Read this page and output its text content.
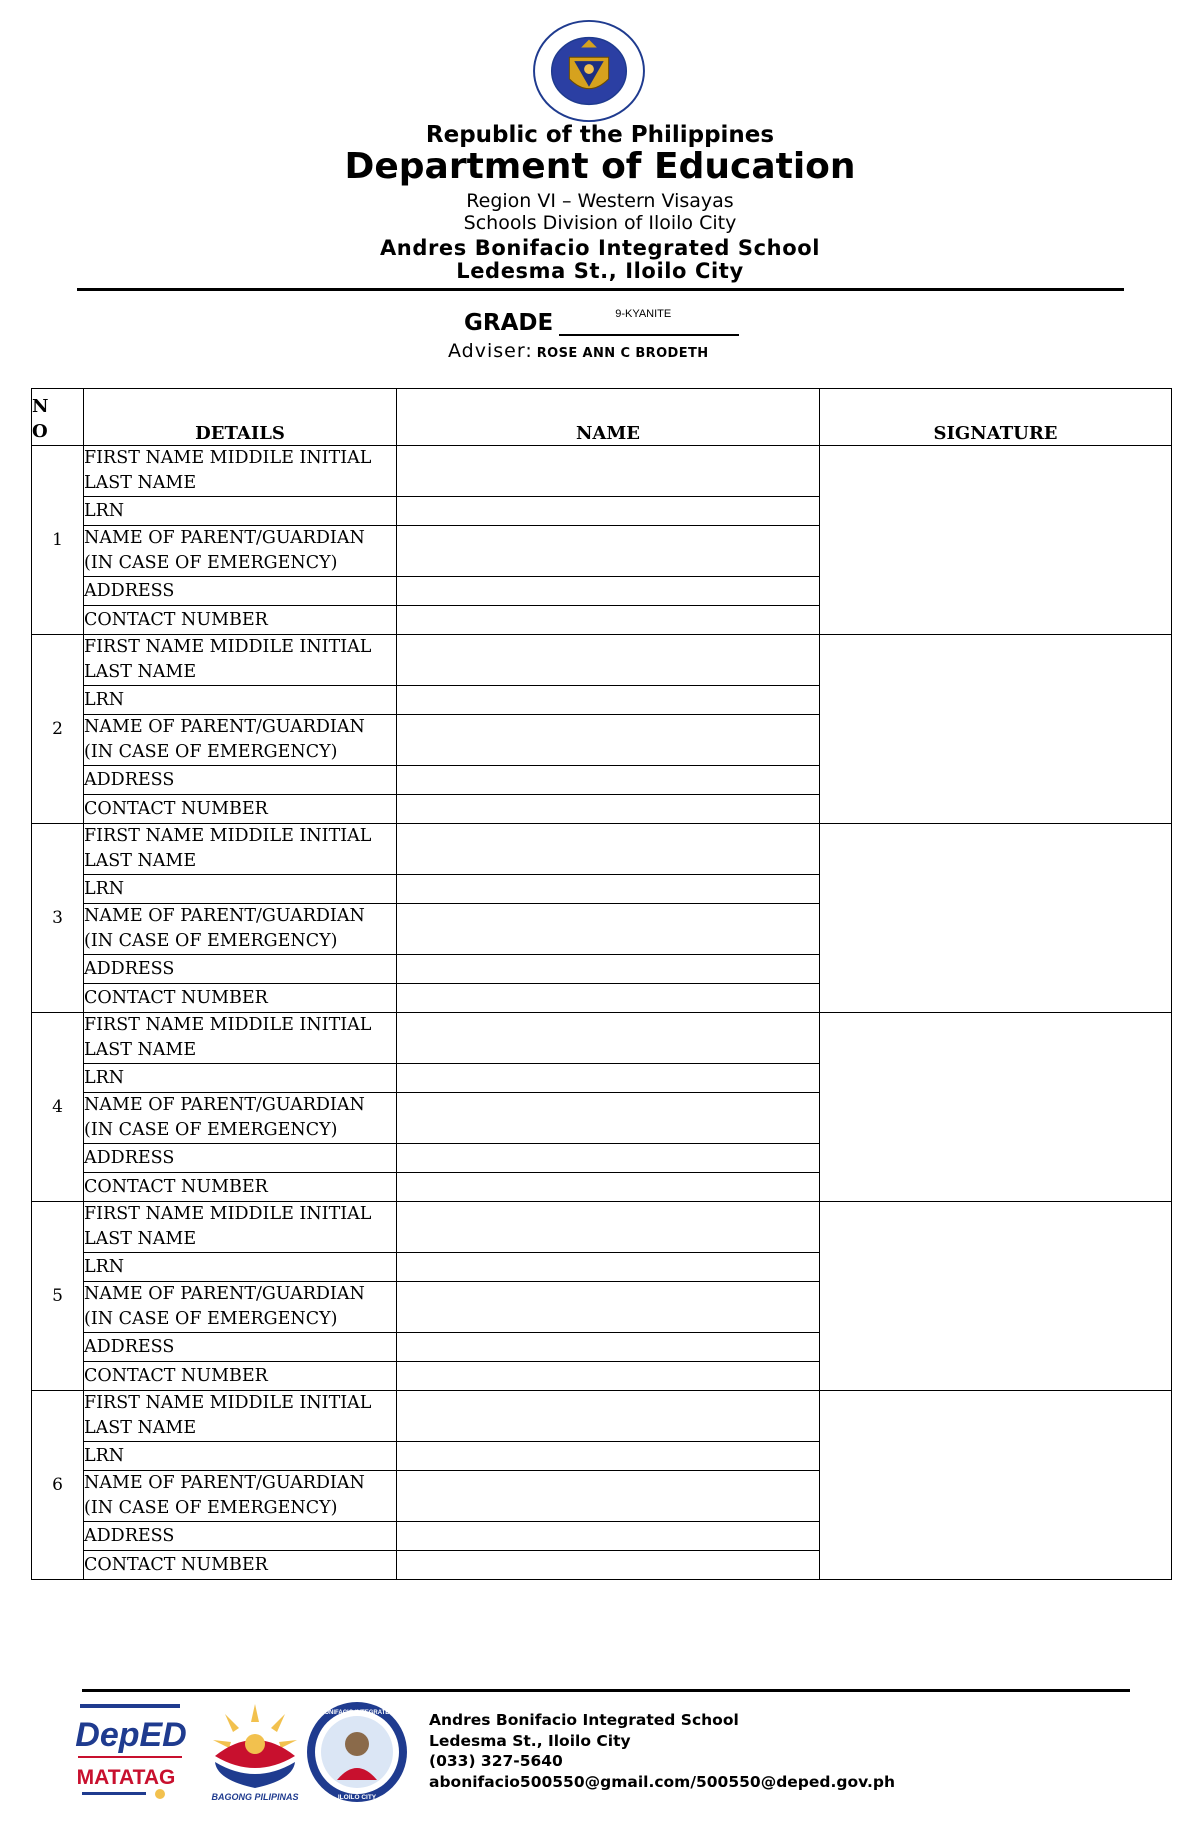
Republic of the Philippines
Department of Education
Region VI – Western Visayas
Schools Division of Iloilo City
Andres Bonifacio Integrated School
Ledesma St., Iloilo City
GRADE	9-KYANITE
Adviser: ROSE ANN C BRODETH
N
O	DETAILS	NAME	SIGNATURE
1	FIRST NAME MIDDILE INITIAL
LAST NAME		

	LRN		

	NAME OF PARENT/GUARDIAN
(IN CASE OF EMERGENCY)		

	ADDRESS		

	CONTACT NUMBER		

2	FIRST NAME MIDDILE INITIAL
LAST NAME		

	LRN		

	NAME OF PARENT/GUARDIAN
(IN CASE OF EMERGENCY)		

	ADDRESS		

	CONTACT NUMBER		

3	FIRST NAME MIDDILE INITIAL
LAST NAME		

	LRN		

	NAME OF PARENT/GUARDIAN
(IN CASE OF EMERGENCY)		

	ADDRESS		

	CONTACT NUMBER		

4	FIRST NAME MIDDILE INITIAL
LAST NAME		

	LRN		

	NAME OF PARENT/GUARDIAN
(IN CASE OF EMERGENCY)		

	ADDRESS		

	CONTACT NUMBER		

5	FIRST NAME MIDDILE INITIAL
LAST NAME		

	LRN		

	NAME OF PARENT/GUARDIAN
(IN CASE OF EMERGENCY)		

	ADDRESS		

	CONTACT NUMBER		

6	FIRST NAME MIDDILE INITIAL
LAST NAME		

	LRN		

	NAME OF PARENT/GUARDIAN
(IN CASE OF EMERGENCY)		

	ADDRESS		

	CONTACT NUMBER		

DepED
MATATAG
BAGONG PILIPINAS
ANDRES BONIFACIO INTEGRATED SCHOOL
ILOILO CITY
Andres Bonifacio Integrated School
Ledesma St., Iloilo City
(033) 327-5640
abonifacio500550@gmail.com/500550@deped.gov.ph
